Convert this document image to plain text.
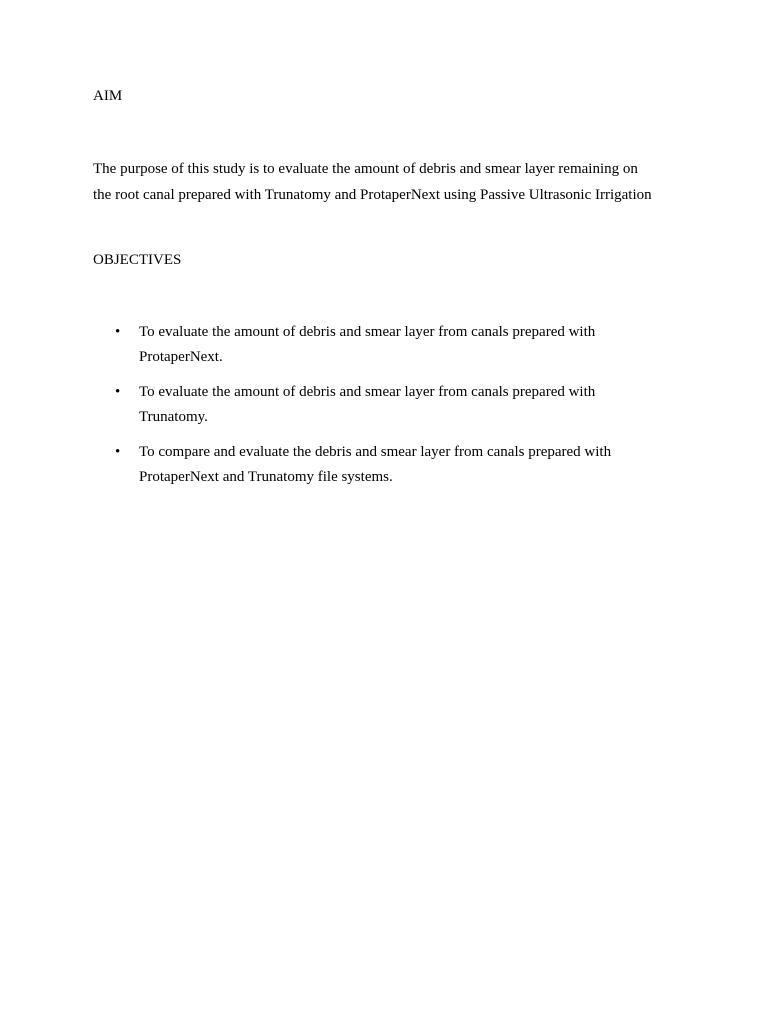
AIM

The purpose of this study is to evaluate the amount of debris and smear layer remaining on
the root canal prepared with Trunatomy and ProtaperNext using Passive Ultrasonic Irrigation

OBJECTIVES
• To evaluate the amount of debris and smear layer from canals prepared with
ProtaperNext.
• To evaluate the amount of debris and smear layer from canals prepared with
Trunatomy.
• To compare and evaluate the debris and smear layer from canals prepared with
ProtaperNext and Trunatomy file systems.
